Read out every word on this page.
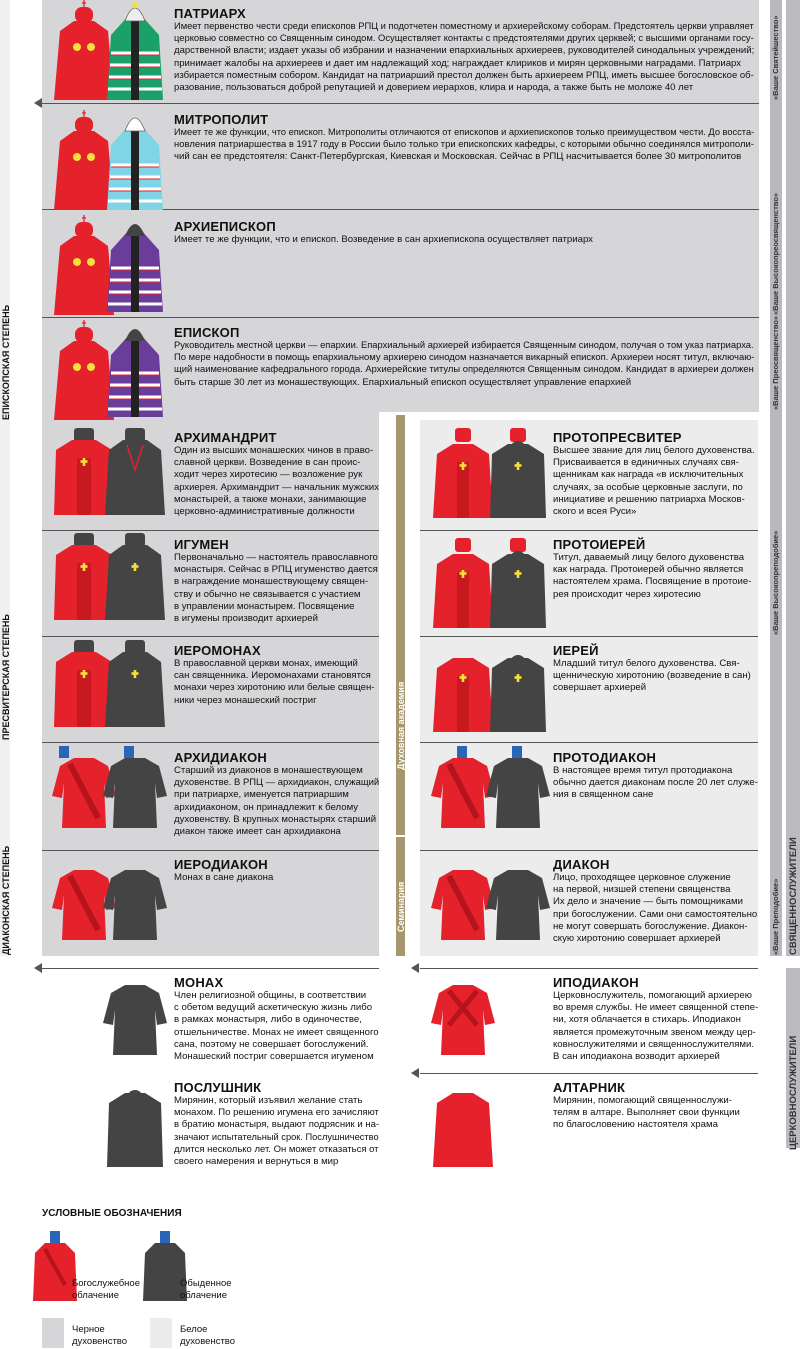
ЕПИСКОПСКАЯ СТЕПЕНЬ
ПРЕСВИТЕРСКАЯ СТЕПЕНЬ
ДИАКОНСКАЯ СТЕПЕНЬ
Духовная академия
Семинария
«Ваше Святейшество»
«Ваше Высокопреосвященство»
«Ваше Преосвященство»
«Ваше Высокопреподобие»
«Ваше Преподобие» СВЯЩЕННОСЛУЖИТЕЛИ
ЦЕРКОВНОСЛУЖИТЕЛИ
ПАТРИАРХ
Имеет первенство чести среди епископов РПЦ и подотчетен поместному и архиерейскому соборам. Предстоятель церкви управляет
церковью совместно со Священным синодом. Осуществляет контакты с предстоятелями других церквей; с высшими органами госу-
дарственной власти; издает указы об избрании и назначении епархиальных архиереев, руководителей синодальных учреждений;
принимает жалобы на архиереев и дает им надлежащий ход; награждает клириков и мирян церковными наградами. Патриарх
избирается поместным собором. Кандидат на патриарший престол должен быть архиереем РПЦ, иметь высшее богословское об-
разование, пользоваться доброй репутацией и доверием иерархов, клира и народа, а также быть не моложе 40 лет
МИТРОПОЛИТ
Имеет те же функции, что епископ. Митрополиты отличаются от епископов и архиепископов только преимуществом чести. До восста-
новления патриаршества в 1917 году в России было только три епископских кафедры, с которыми обычно соединялся митрополи-
чий сан ее предстоятеля: Санкт-Петербургская, Киевская и Московская. Сейчас в РПЦ насчитывается более 30 митрополитов
АРХИЕПИСКОП
Имеет те же функции, что и епископ. Возведение в сан архиепископа осуществляет патриарх
ЕПИСКОП
Руководитель местной церкви — епархии. Епархиальный архиерей избирается Священным синодом, получая о том указ патриарха.
По мере надобности в помощь епархиальному архиерею синодом назначается викарный епископ. Архиереи носят титул, включаю-
щий наименование кафедрального города. Архиерейские титулы определяются Священным синодом. Кандидат в архиереи должен
быть старше 30 лет из монашествующих. Епархиальный епископ осуществляет управление епархией
АРХИМАНДРИТ
Один из высших монашеских чинов в право-
славной церкви. Возведение в сан проис-
ходит через хиротесию — возложение рук
архиерея. Архимандрит — начальник мужских
монастырей, а также монахи, занимающие
церковно-административные должности
ИГУМЕН
Первоначально — настоятель православного
монастыря. Сейчас в РПЦ игуменство дается
в награждение монашествующему священ-
ству и обычно не связывается с участием
в управлении монастырем. Посвящение
в игумены производит архиерей
ИЕРОМОНАХ
В православной церкви монах, имеющий
сан священника. Иеромонахами становятся
монахи через хиротонию или белые священ-
ники через монашеский постриг
АРХИДИАКОН
Старший из диаконов в монашествующем
духовенстве. В РПЦ — архидиакон, служащий
при патриархе, именуется патриаршим
архидиаконом, он принадлежит к белому
духовенству. В крупных монастырях старший
диакон также имеет сан архидиакона
ИЕРОДИАКОН
Монах в сане диакона
ПРОТОПРЕСВИТЕР
Высшее звание для лиц белого духовенства.
Присваивается в единичных случаях свя-
щенникам как награда «в исключительных
случаях, за особые церковные заслуги, по
инициативе и решению патриарха Москов-
ского и всея Руси»
ПРОТОИЕРЕЙ
Титул, даваемый лицу белого духовенства
как награда. Протоиерей обычно является
настоятелем храма. Посвящение в протоие-
рея происходит через хиротесию
ИЕРЕЙ
Младший титул белого духовенства. Свя-
щенническую хиротонию (возведение в сан)
совершает архиерей
ПРОТОДИАКОН
В настоящее время титул протодиакона
обычно дается диаконам после 20 лет служе-
ния в священном сане
ДИАКОН
Лицо, проходящее церковное служение
на первой, низшей степени священства
Их дело и значение — быть помощниками
при богослужении. Сами они самостоятельно
не могут совершать богослужение. Диакон-
скую хиротонию совершает архиерей
МОНАХ
Член религиозной общины, в соответствии
с обетом ведущий аскетическую жизнь либо
в рамках монастыря, либо в одиночестве,
отшельничестве. Монах не имеет священного
сана, поэтому не совершает богослужений.
Монашеский постриг совершается игуменом
ПОСЛУШНИК
Мирянин, который изъявил желание стать
монахом. По решению игумена его зачисляют
в братию монастыря, выдают подрясник и на-
значают испытательный срок. Послушничество
длится несколько лет. Он может отказаться от
своего намерения и вернуться в мир
ИПОДИАКОН
Церковнослужитель, помогающий архиерею
во время службы. Не имеет священной степе-
ни, хотя облачается в стихарь. Иподиакон
является промежуточным звеном между цер-
ковнослужителями и священнослужителями.
В сан иподиакона возводит архиерей
АЛТАРНИК
Мирянин, помогающий священнослужи-
телям в алтаре. Выполняет свои функции
по благословению настоятеля храма
УСЛОВНЫЕ ОБОЗНАЧЕНИЯ
Богослужебное облачение
Обыденное облачение
Черное духовенство
Белое духовенство
